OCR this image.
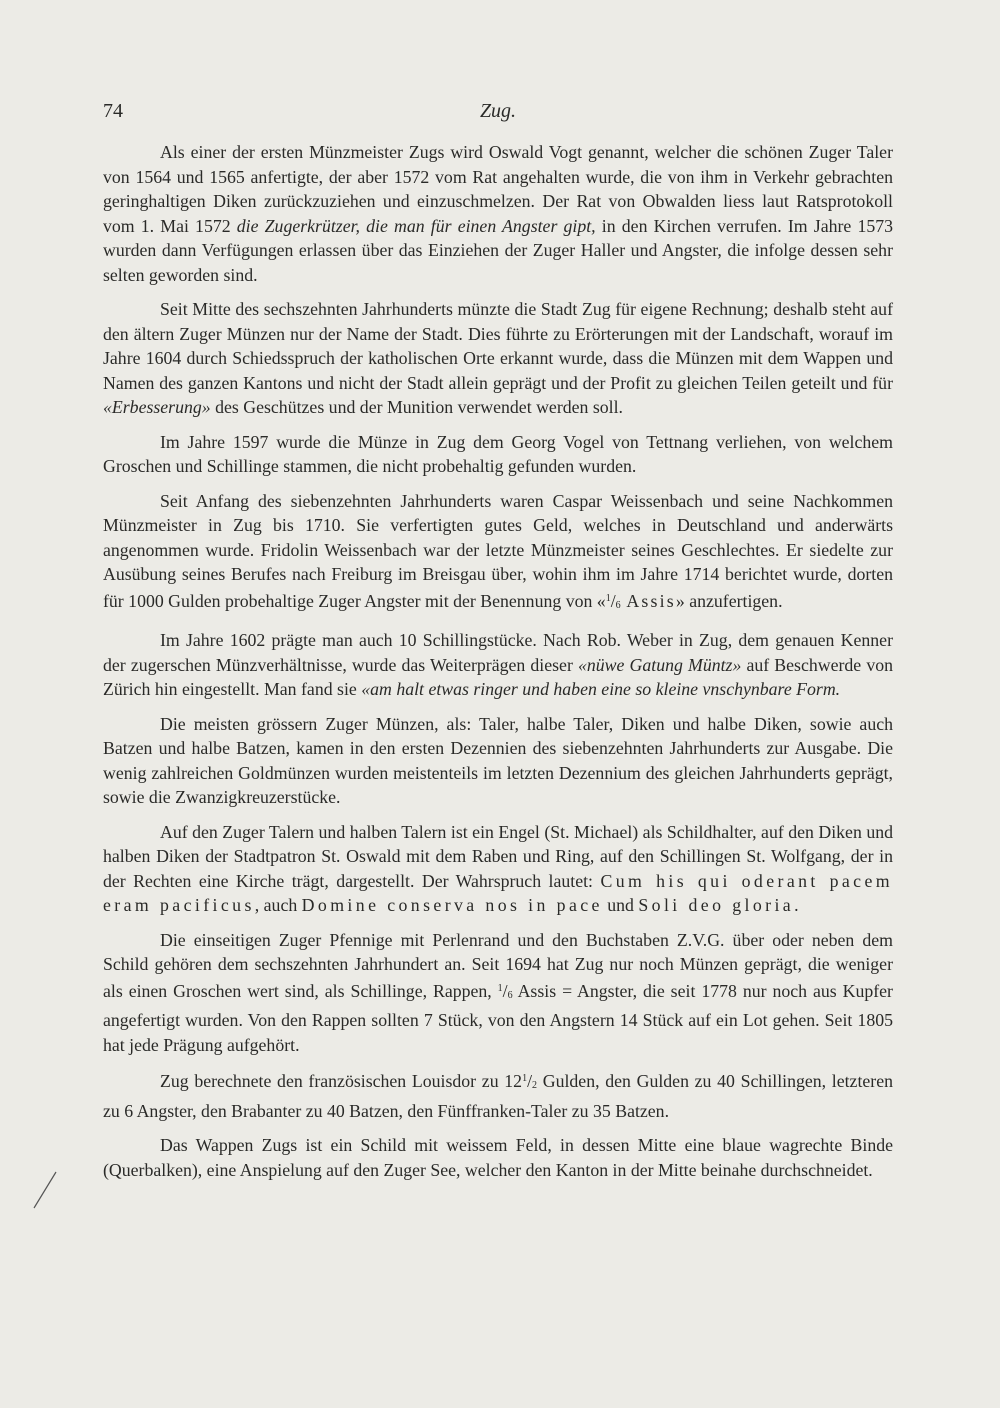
74	Zug.

Als einer der ersten Münzmeister Zugs wird Oswald Vogt genannt, welcher die schönen Zuger Taler von 1564 und 1565 anfertigte, der aber 1572 vom Rat angehalten wurde, die von ihm in Verkehr gebrachten geringhaltigen Diken zurückzuziehen und einzuschmelzen. Der Rat von Obwalden liess laut Ratsprotokoll vom 1. Mai 1572 die Zugerkrützer, die man für einen Angster gipt, in den Kirchen verrufen. Im Jahre 1573 wurden dann Verfügungen erlassen über das Einziehen der Zuger Haller und Angster, die infolge dessen sehr selten geworden sind.

Seit Mitte des sechszehnten Jahrhunderts münzte die Stadt Zug für eigene Rechnung; deshalb steht auf den ältern Zuger Münzen nur der Name der Stadt. Dies führte zu Erörterungen mit der Landschaft, worauf im Jahre 1604 durch Schiedsspruch der katholischen Orte erkannt wurde, dass die Münzen mit dem Wappen und Namen des ganzen Kantons und nicht der Stadt allein geprägt und der Profit zu gleichen Teilen geteilt und für «Erbesserung» des Geschützes und der Munition verwendet werden soll.

Im Jahre 1597 wurde die Münze in Zug dem Georg Vogel von Tettnang verliehen, von welchem Groschen und Schillinge stammen, die nicht probehaltig gefunden wurden.

Seit Anfang des siebenzehnten Jahrhunderts waren Caspar Weissenbach und seine Nachkommen Münzmeister in Zug bis 1710. Sie verfertigten gutes Geld, welches in Deutschland und anderwärts angenommen wurde. Fridolin Weissenbach war der letzte Münzmeister seines Geschlechtes. Er siedelte zur Ausübung seines Berufes nach Freiburg im Breisgau über, wohin ihm im Jahre 1714 berichtet wurde, dorten für 1000 Gulden probehaltige Zuger Angster mit der Benennung von «$^1/_6$ Assis» anzufertigen.

Im Jahre 1602 prägte man auch 10 Schillingstücke. Nach Rob. Weber in Zug, dem genauen Kenner der zugerschen Münzverhältnisse, wurde das Weiterprägen dieser «nüwe Gatung Müntz» auf Beschwerde von Zürich hin eingestellt. Man fand sie «am halt etwas ringer und haben eine so kleine vnschynbare Form.

Die meisten grössern Zuger Münzen, als: Taler, halbe Taler, Diken und halbe Diken, sowie auch Batzen und halbe Batzen, kamen in den ersten Dezennien des siebenzehnten Jahrhunderts zur Ausgabe. Die wenig zahlreichen Goldmünzen wurden meistenteils im letzten Dezennium des gleichen Jahrhunderts geprägt, sowie die Zwanzigkreuzerstücke.

Auf den Zuger Talern und halben Talern ist ein Engel (St. Michael) als Schildhalter, auf den Diken und halben Diken der Stadtpatron St. Oswald mit dem Raben und Ring, auf den Schillingen St. Wolfgang, der in der Rechten eine Kirche trägt, dargestellt. Der Wahrspruch lautet: Cum his qui oderant pacem eram pacificus, auch Domine conserva nos in pace und Soli deo gloria.

Die einseitigen Zuger Pfennige mit Perlenrand und den Buchstaben Z.V.G. über oder neben dem Schild gehören dem sechszehnten Jahrhundert an. Seit 1694 hat Zug nur noch Münzen geprägt, die weniger als einen Groschen wert sind, als Schillinge, Rappen, $^1/_6$ Assis = Angster, die seit 1778 nur noch aus Kupfer angefertigt wurden. Von den Rappen sollten 7 Stück, von den Angstern 14 Stück auf ein Lot gehen. Seit 1805 hat jede Prägung aufgehört.

Zug berechnete den französischen Louisdor zu $12^1/_2$ Gulden, den Gulden zu 40 Schillingen, letzteren zu 6 Angster, den Brabanter zu 40 Batzen, den Fünffranken-Taler zu 35 Batzen.

Das Wappen Zugs ist ein Schild mit weissem Feld, in dessen Mitte eine blaue wagrechte Binde (Querbalken), eine Anspielung auf den Zuger See, welcher den Kanton in der Mitte beinahe durchschneidet.
